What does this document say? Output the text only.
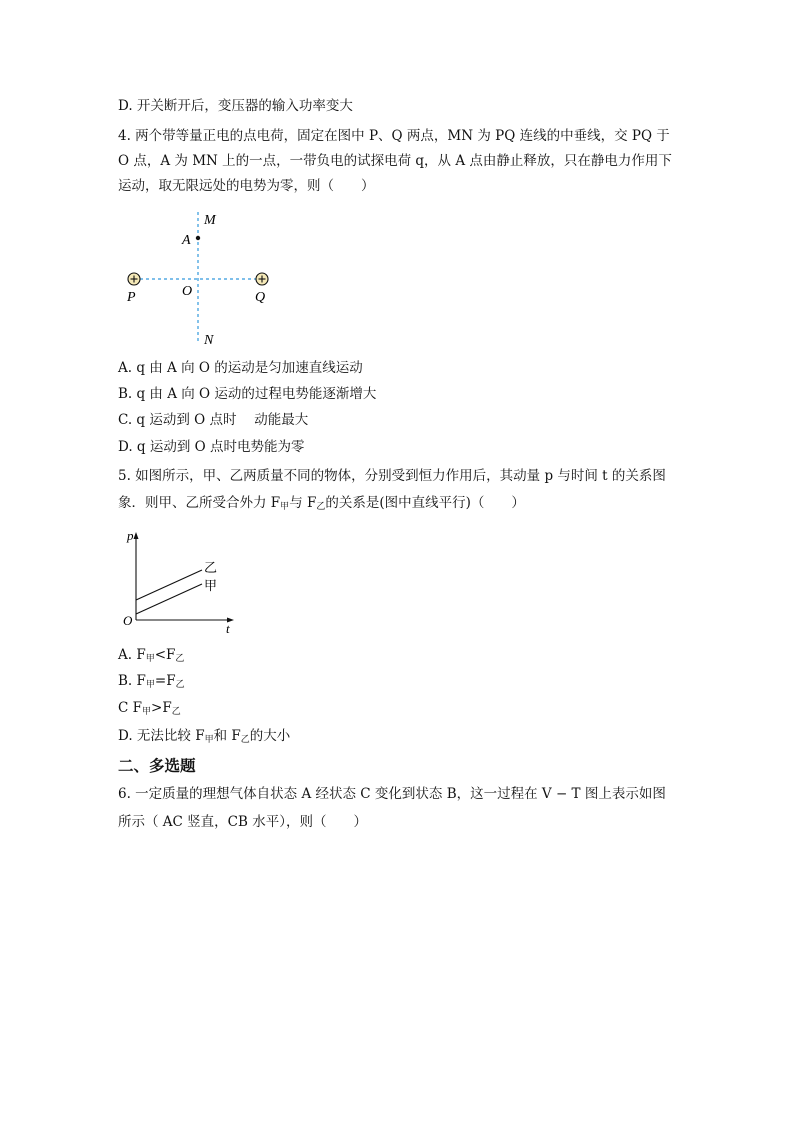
D. 开关断开后，变压器的输入功率变大
4. 两个带等量正电的点电荷，固定在图中 P、Q 两点，MN 为 PQ 连线的中垂线，交 PQ 于
O 点，A 为 MN 上的一点，一带负电的试探电荷 q，从 A 点由静止释放，只在静电力作用下
运动，取无限远处的电势为零，则（　　）
M
A
P	O	Q
N
A. q 由 A 向 O 的运动是匀加速直线运动
B. q 由 A 向 O 运动的过程电势能逐渐增大
C. q 运动到 O 点时　 动能最大
D. q 运动到 O 点时电势能为零
5. 如图所示，甲、乙两质量不同的物体，分别受到恒力作用后，其动量 p 与时间 t 的关系图
象．则甲、乙所受合外力 $F_甲$与 $F_乙$的关系是(图中直线平行)（　　）
p
t
O
乙
甲
A. $F_甲<F_乙$
B. $F_甲=F_乙$
C $F_甲>F_乙$
D. 无法比较 $F_甲$和 $F_乙$的大小
二、多选题
6. 一定质量的理想气体自状态 A 经状态 C 变化到状态 B，这一过程在 V − T 图上表示如图
所示（ AC 竖直，CB 水平），则（　　）
